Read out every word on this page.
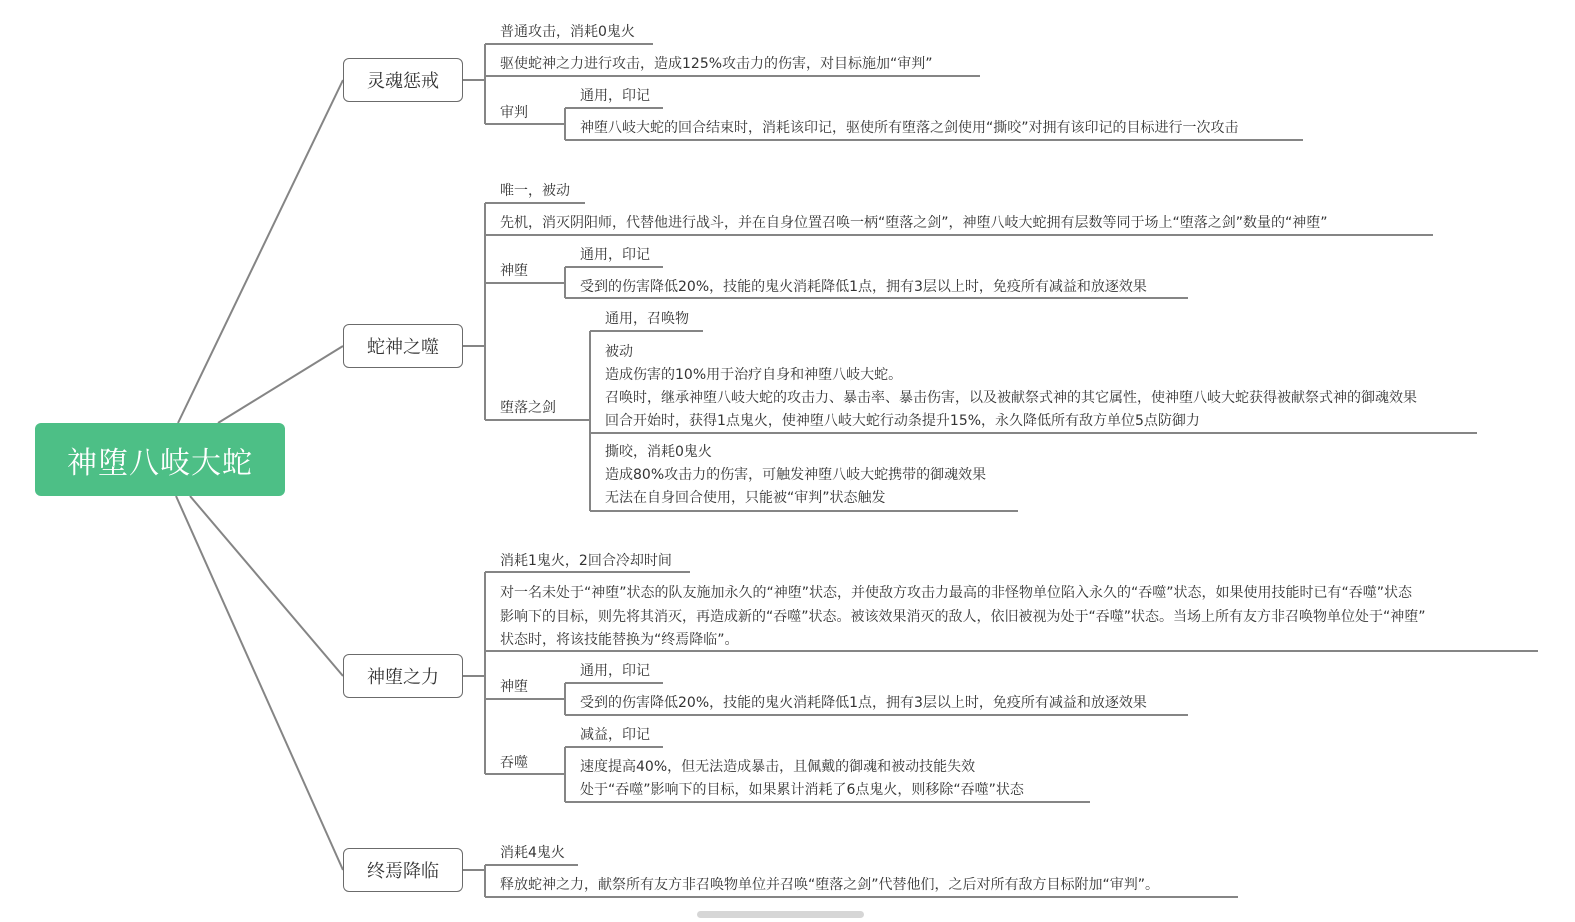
神堕八岐大蛇
灵魂惩戒
普通攻击，消耗0鬼火
驱使蛇神之力进行攻击，造成125%攻击力的伤害，对目标施加“审判”
审判
通用，印记
神堕八岐大蛇的回合结束时，消耗该印记，驱使所有堕落之剑使用“撕咬”对拥有该印记的目标进行一次攻击
蛇神之噬
唯一，被动
先机，消灭阴阳师，代替他进行战斗，并在自身位置召唤一柄“堕落之剑”，神堕八岐大蛇拥有层数等同于场上“堕落之剑”数量的“神堕”
神堕
通用，印记
受到的伤害降低20%，技能的鬼火消耗降低1点，拥有3层以上时，免疫所有减益和放逐效果
堕落之剑
通用，召唤物
被动
造成伤害的10%用于治疗自身和神堕八岐大蛇。
召唤时，继承神堕八岐大蛇的攻击力、暴击率、暴击伤害，以及被献祭式神的其它属性，使神堕八岐大蛇获得被献祭式神的御魂效果
回合开始时，获得1点鬼火，使神堕八岐大蛇行动条提升15%，永久降低所有敌方单位5点防御力
撕咬，消耗0鬼火
造成80%攻击力的伤害，可触发神堕八岐大蛇携带的御魂效果
无法在自身回合使用，只能被“审判”状态触发
神堕之力
消耗1鬼火，2回合冷却时间
对一名未处于“神堕”状态的队友施加永久的“神堕”状态，并使敌方攻击力最高的非怪物单位陷入永久的“吞噬”状态，如果使用技能时已有“吞噬”状态
影响下的目标，则先将其消灭，再造成新的“吞噬”状态。被该效果消灭的敌人，依旧被视为处于“吞噬”状态。当场上所有友方非召唤物单位处于“神堕”
状态时，将该技能替换为“终焉降临”。
神堕
通用，印记
受到的伤害降低20%，技能的鬼火消耗降低1点，拥有3层以上时，免疫所有减益和放逐效果
吞噬
减益，印记
速度提高40%，但无法造成暴击，且佩戴的御魂和被动技能失效
处于“吞噬”影响下的目标，如果累计消耗了6点鬼火，则移除“吞噬”状态
终焉降临
消耗4鬼火
释放蛇神之力，献祭所有友方非召唤物单位并召唤“堕落之剑”代替他们，之后对所有敌方目标附加“审判”。
